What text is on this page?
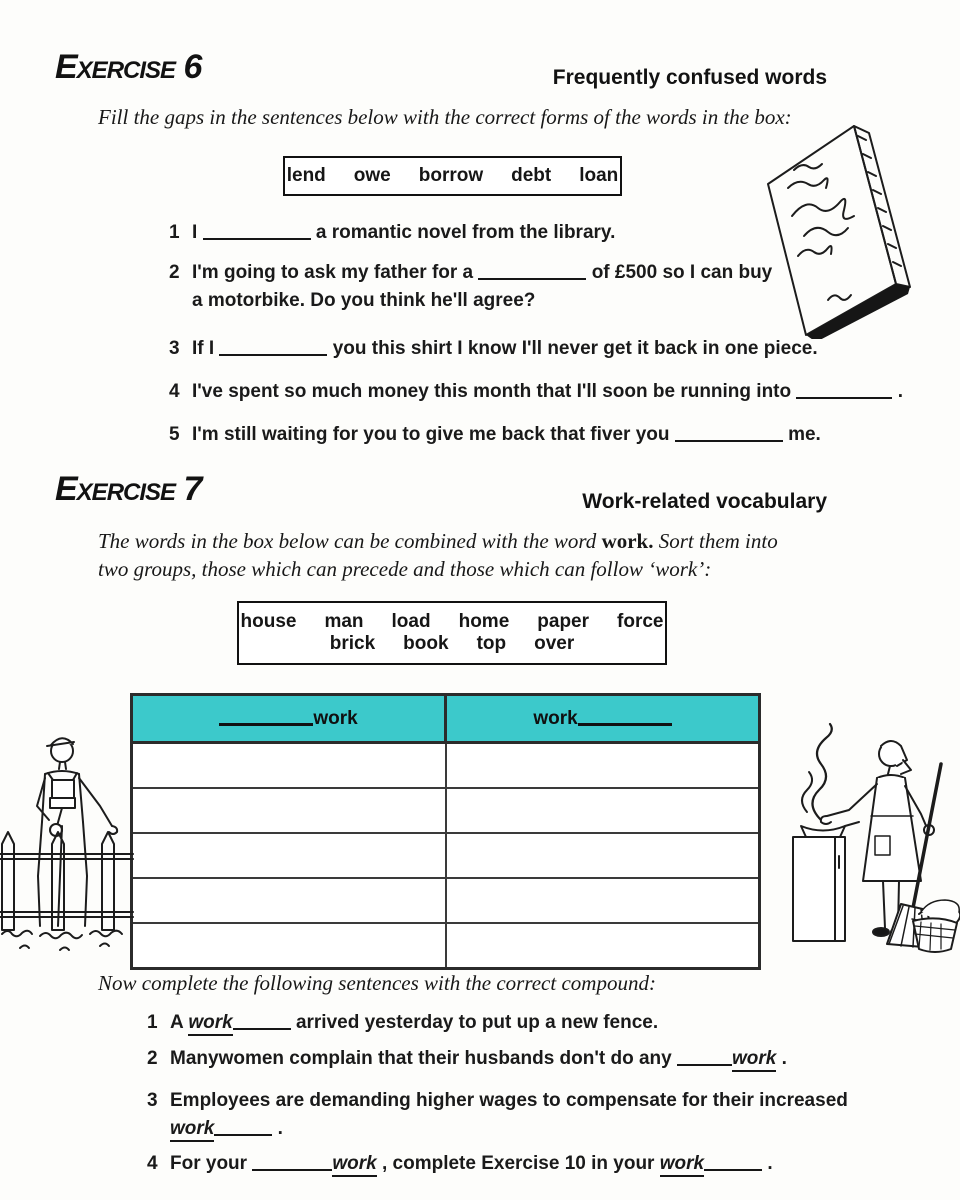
Exercise 6	Frequently confused words

Fill the gaps in the sentences below with the correct forms of the words in the box:

lend	owe	borrow	debt	loan
1 I	a romantic novel from the library.
2 I'm going to ask my father for a	of £500 so I can buy
a motorbike. Do you think he'll agree?
3 If I	you this shirt I know I'll never get it back in one piece.
4 I've spent so much money this month that I'll soon be running into	.
5 I'm still waiting for you to give me back that fiver you	me.
Exercise 7	Work-related vocabulary

The words in the box below can be combined with the word work. Sort them into two groups, those which can precede and those which can follow ‘work’:

house	man	load	home	paper	force
brick	book	top	over
work	work

Now complete the following sentences with the correct compound:

1 A work	arrived yesterday to put up a new fence.
2 Manywomen complain that their husbands don't do any	work .
3 Employees are demanding higher wages to compensate for their increased
work	.
4 For your	work , complete Exercise 10 in your work	.
